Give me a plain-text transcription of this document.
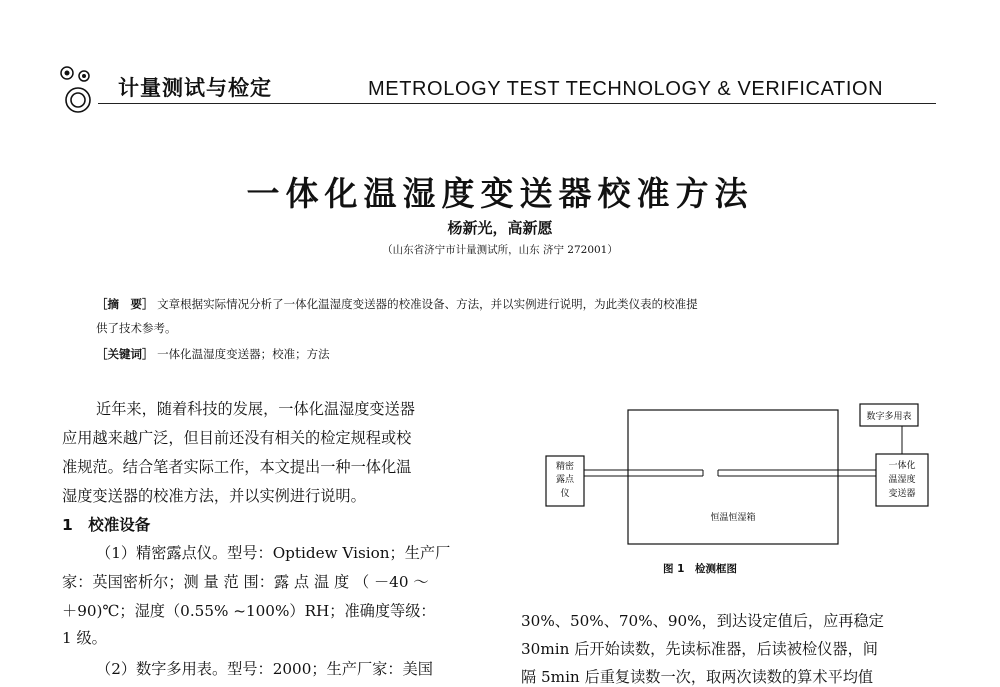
计量测试与检定	METROLOGY TEST TECHNOLOGY & VERIFICATION
一体化温湿度变送器校准方法
杨新光，高新愿
（山东省济宁市计量测试所，山东 济宁 272001）
［摘　要］ 文章根据实际情况分析了一体化温湿度变送器的校准设备、方法，并以实例进行说明，为此类仪表的校准提
供了技术参考。
［关键词］ 一体化温湿度变送器；校准；方法
近年来，随着科技的发展，一体化温湿度变送器
应用越来越广泛，但目前还没有相关的检定规程或校
准规范。结合笔者实际工作，本文提出一种一体化温
湿度变送器的校准方法，并以实例进行说明。
1　校准设备
（1）精密露点仪。型号：Optidew Vision；生产厂
家：英国密析尔；测 量 范 围：露 点 温 度 （ －40 ～
＋90)℃；湿度（0.55% ~100%）RH；准确度等级：
1 级。
（2）数字多用表。型号：2000；生产厂家：美国
恒温恒湿箱
精密
露点
仪
一体化
温湿度
变送器
数字多用表
图 1　检测框图
30%、50%、70%、90%，到达设定值后，应再稳定
30min 后开始读数，先读标准器，后读被检仪器，间
隔 5min 后重复读数一次，取两次读数的算术平均值
